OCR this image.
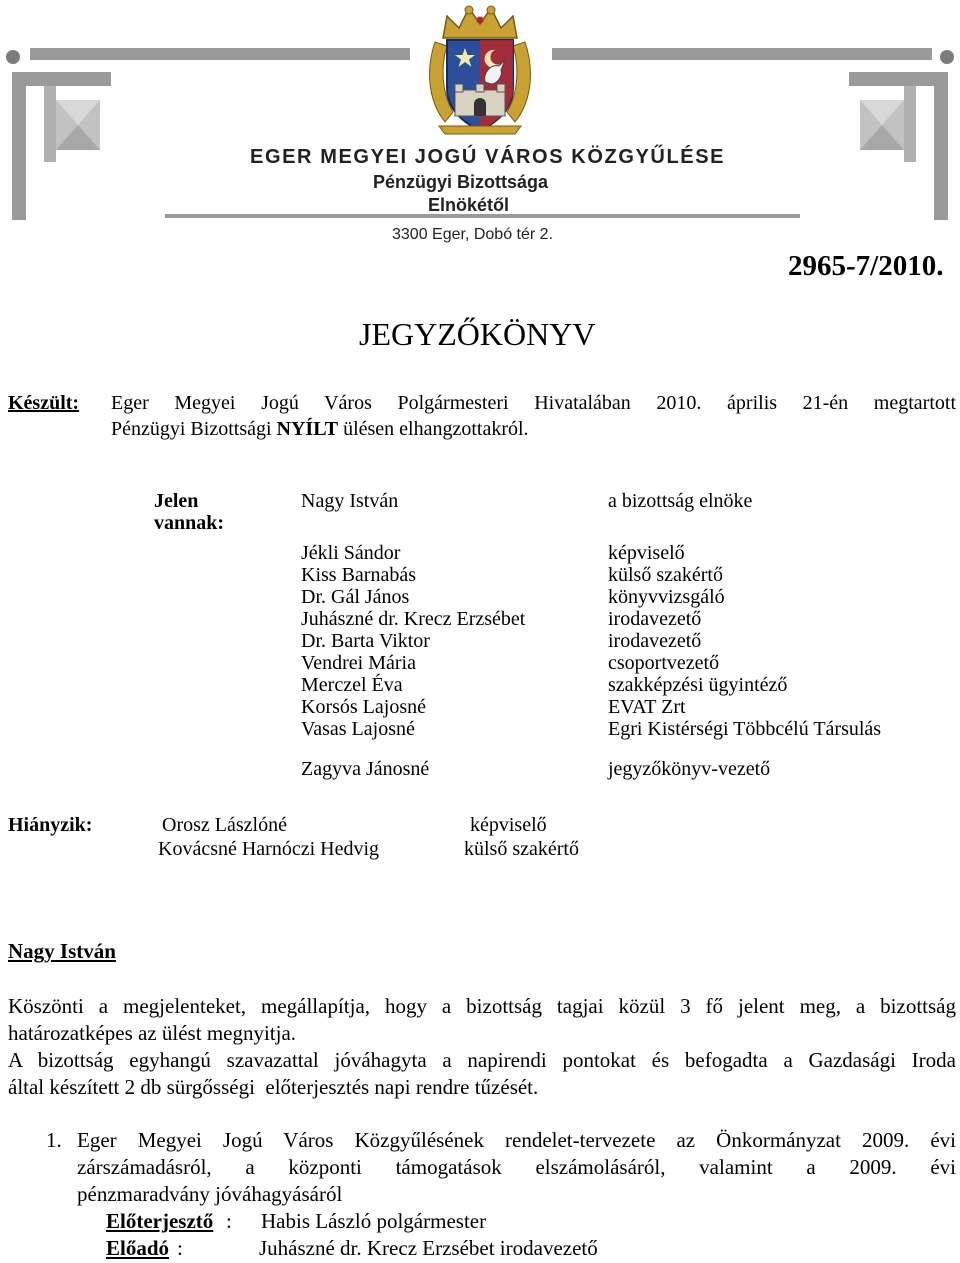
EGER MEGYEI JOGÚ VÁROS KÖZGYŰLÉSE
Pénzügyi Bizottsága
Elnökétől
3300 Eger, Dobó tér 2.
2965-7/2010.
JEGYZŐKÖNYV
Készült: Eger Megyei Jogú Város Polgármesteri Hivatalában 2010. április 21-én megtartott
Pénzügyi Bizottsági NYÍLT ülésen elhangzottakról.
Jelen
vannak:
Nagy István	a bizottság elnöke
Jékli Sándor	képviselő
Kiss Barnabás	külső szakértő
Dr. Gál János	könyvvizsgáló
Juhászné dr. Krecz Erzsébet	irodavezető
Dr. Barta Viktor	irodavezető
Vendrei Mária	csoportvezető
Merczel Éva	szakképzési ügyintéző
Korsós Lajosné	EVAT Zrt
Vasas Lajosné	Egri Kistérségi Többcélú Társulás
Zagyva Jánosné	jegyzőkönyv-vezető
Hiányzik:	Orosz Lászlóné	képviselő
Kovácsné Harnóczi Hedvig	külső szakértő
Nagy István
Köszönti a megjelenteket, megállapítja, hogy a bizottság tagjai közül 3 fő jelent meg, a bizottság
határozatképes az ülést megnyitja.
A bizottság egyhangú szavazattal jóváhagyta a napirendi pontokat és befogadta a Gazdasági Iroda
által készített 2 db sürgősségi  előterjesztés napi rendre tűzését.
1. Eger Megyei Jogú Város Közgyűlésének rendelet-tervezete az Önkormányzat 2009. évi
zárszámadásról, a központi támogatások elszámolásáról, valamint a 2009. évi
pénzmaradvány jóváhagyásáról
Előterjesztő : Habis László polgármester
Előadó :	Juhászné dr. Krecz Erzsébet irodavezető
